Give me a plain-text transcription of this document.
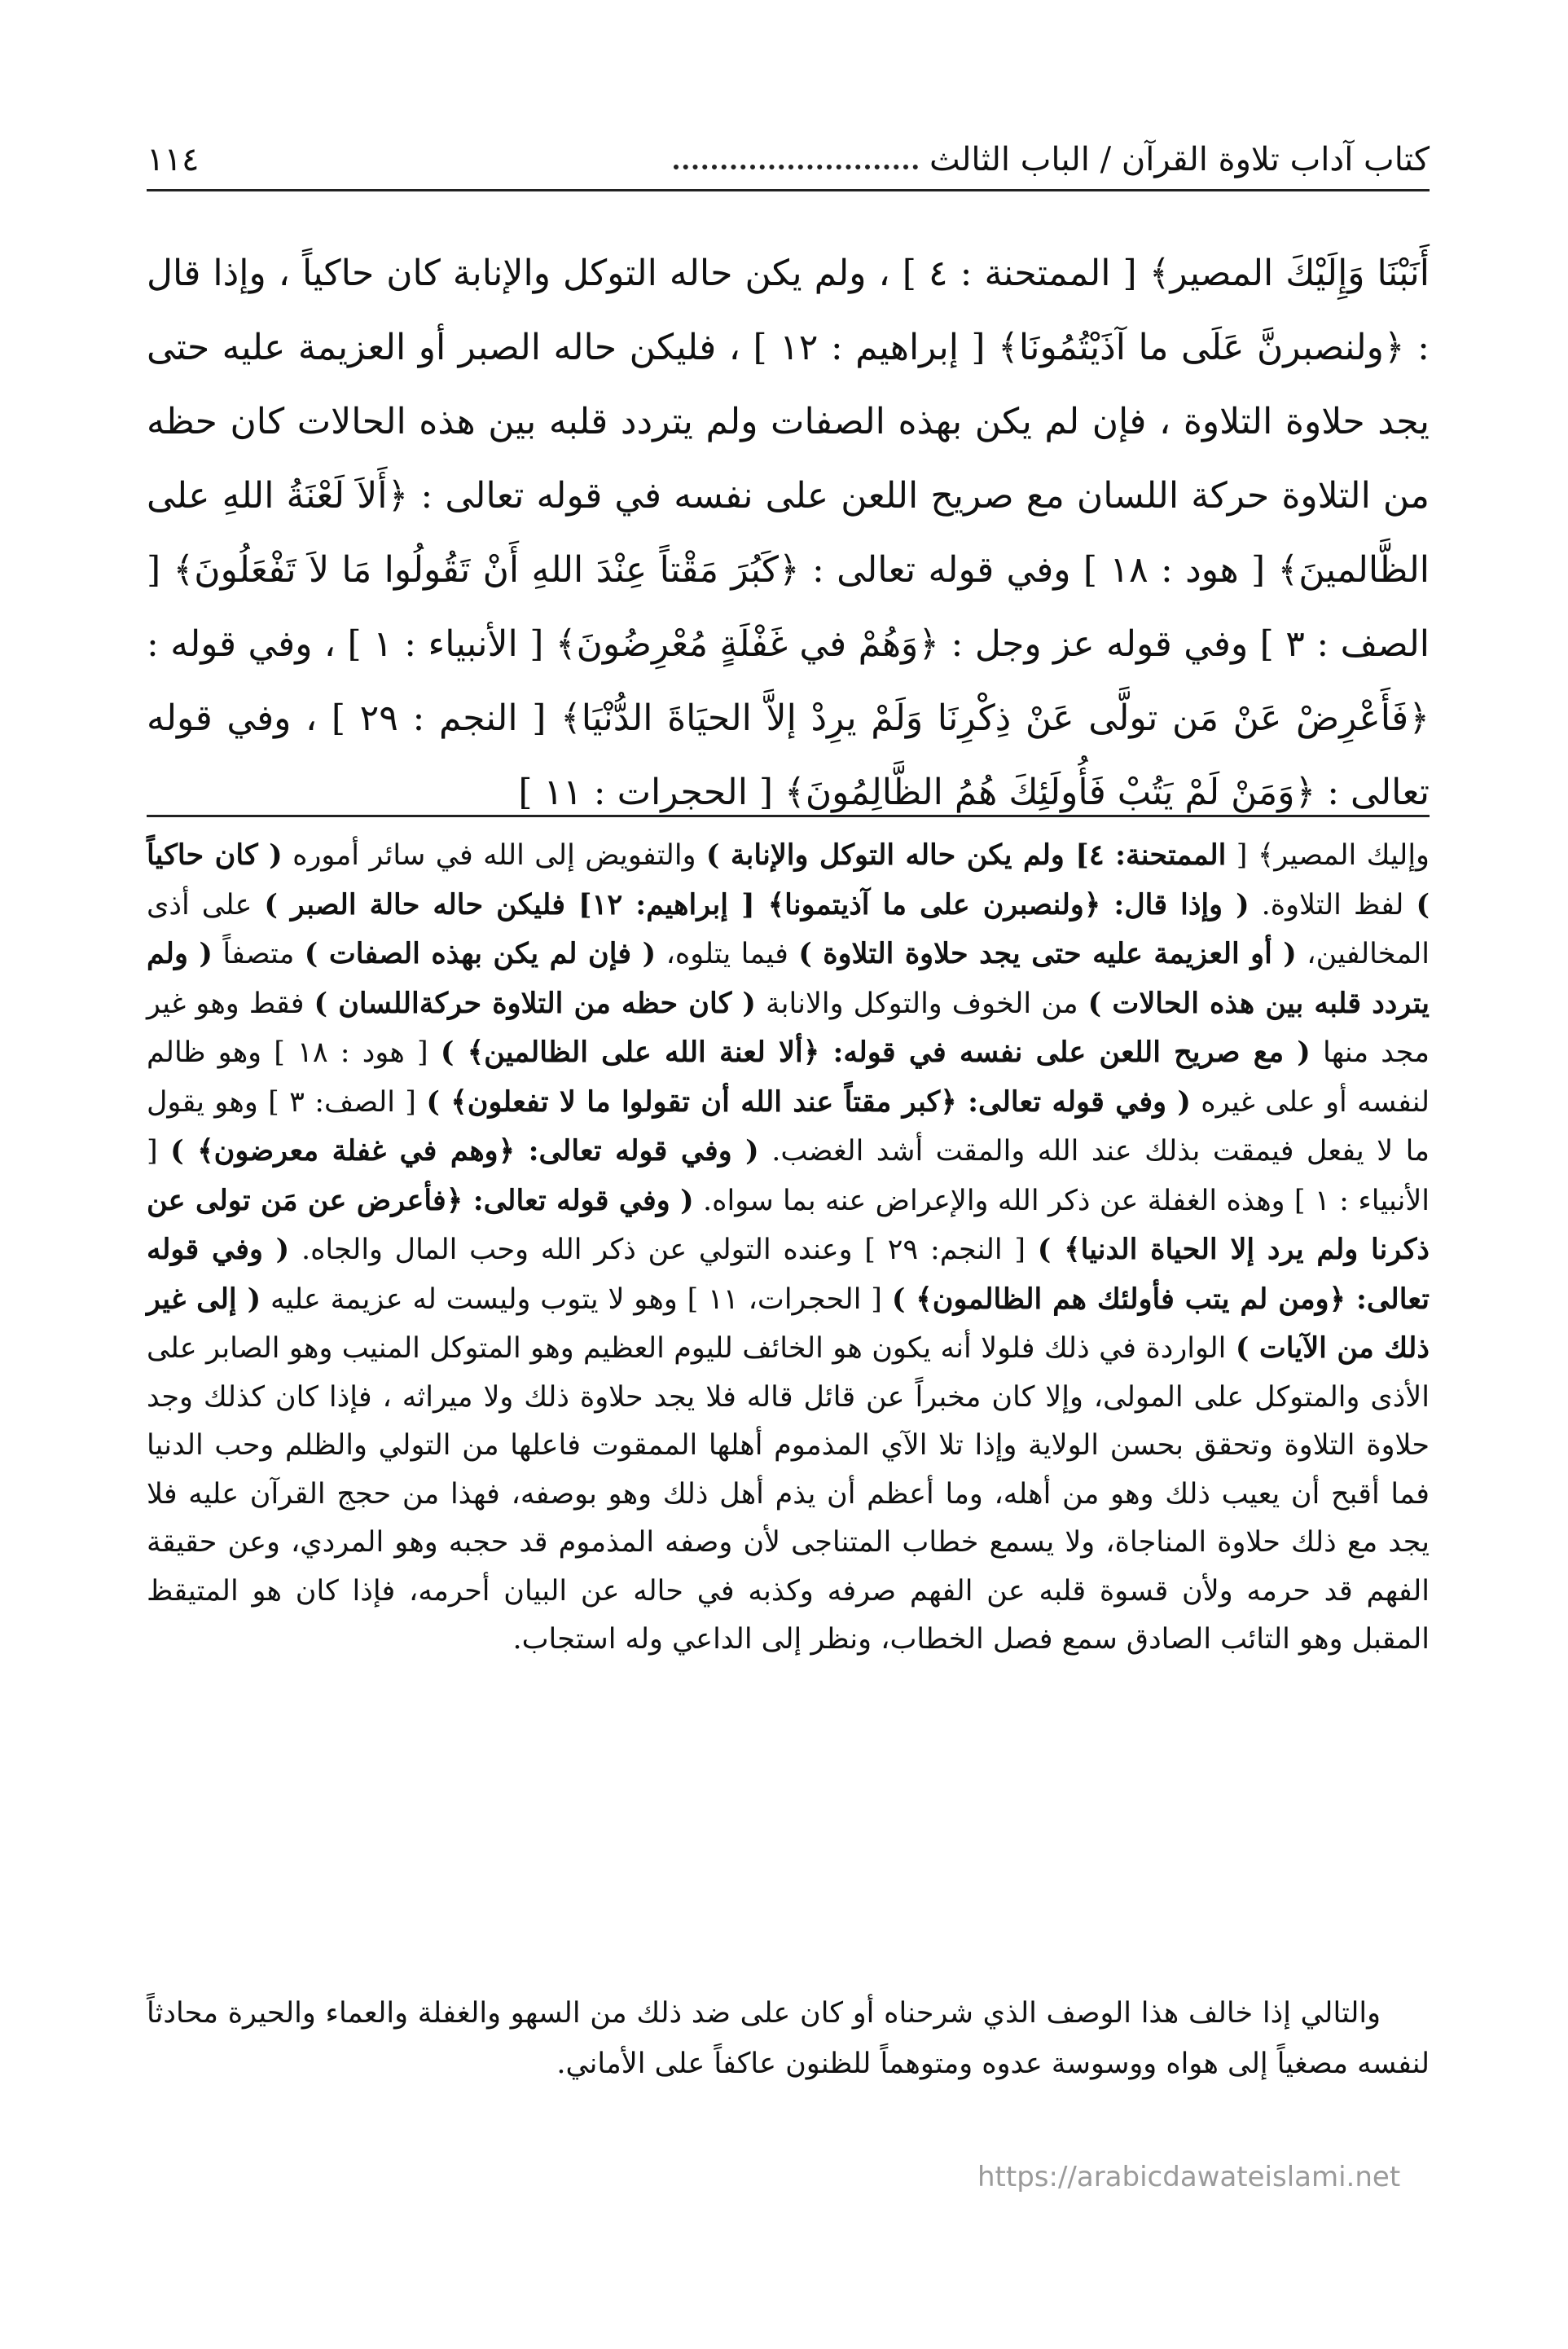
كتاب آداب تلاوة القرآن / الباب الثالث
١١٤

أَنَبْنَا وَإِلَيْكَ المصير﴾ [ الممتحنة : ٤ ] ، ولم يكن حاله التوكل والإنابة كان حاكياً ، وإذا قال : ﴿ولنصبرنَّ عَلَى ما آذَيْتُمُونَا﴾ [ إبراهيم : ١٢ ] ، فليكن حاله الصبر أو العزيمة عليه حتى يجد حلاوة التلاوة ، فإن لم يكن بهذه الصفات ولم يتردد قلبه بين هذه الحالات كان حظه من التلاوة حركة اللسان مع صريح اللعن على نفسه في قوله تعالى : ﴿أَلاَ لَعْنَةُ اللهِ على الظَّالمينَ﴾ [ هود : ١٨ ] وفي قوله تعالى : ﴿كَبُرَ مَقْتاً عِنْدَ اللهِ أَنْ تَقُولُوا مَا لاَ تَفْعَلُونَ﴾ [ الصف : ٣ ] وفي قوله عز وجل : ﴿وَهُمْ في غَفْلَةٍ مُعْرِضُونَ﴾ [ الأنبياء : ١ ] ، وفي قوله : ﴿فَأَعْرِضْ عَنْ مَن تولَّى عَنْ ذِكْرِنَا وَلَمْ يرِدْ إلاَّ الحيَاةَ الدُّنْيَا﴾ [ النجم : ٢٩ ] ، وفي قوله تعالى : ﴿وَمَنْ لَمْ يَتُبْ فَأُولَئِكَ هُمُ الظَّالِمُونَ﴾ [ الحجرات : ١١ ]

وإليك المصير﴾ [ الممتحنة: ٤] ولم يكن حاله التوكل والإنابة ) والتفويض إلى الله في سائر أموره ( كان حاكياً ) لفظ التلاوة. ( وإذا قال: ﴿ولنصبرن على ما آذيتمونا﴾ [ إبراهيم: ١٢] فليكن حاله حالة الصبر ) على أذى المخالفين، ( أو العزيمة عليه حتى يجد حلاوة التلاوة ) فيما يتلوه، ( فإن لم يكن بهذه الصفات ) متصفاً ( ولم يتردد قلبه بين هذه الحالات ) من الخوف والتوكل والانابة ( كان حظه من التلاوة حركةاللسان ) فقط وهو غير مجد منها ( مع صريح اللعن على نفسه في قوله: ﴿ألا لعنة الله على الظالمين﴾ ) [ هود : ١٨ ] وهو ظالم لنفسه أو على غيره ( وفي قوله تعالى: ﴿كبر مقتاً عند الله أن تقولوا ما لا تفعلون﴾ ) [ الصف: ٣ ] وهو يقول ما لا يفعل فيمقت بذلك عند الله والمقت أشد الغضب. ( وفي قوله تعالى: ﴿وهم في غفلة معرضون﴾ ) [ الأنبياء : ١ ] وهذه الغفلة عن ذكر الله والإعراض عنه بما سواه. ( وفي قوله تعالى: ﴿فأعرض عن مَن تولى عن ذكرنا ولم يرد إلا الحياة الدنيا﴾ ) [ النجم: ٢٩ ] وعنده التولي عن ذكر الله وحب المال والجاه. ( وفي قوله تعالى: ﴿ومن لم يتب فأولئك هم الظالمون﴾ ) [ الحجرات، ١١ ] وهو لا يتوب وليست له عزيمة عليه ( إلى غير ذلك من الآيات ) الواردة في ذلك فلولا أنه يكون هو الخائف لليوم العظيم وهو المتوكل المنيب وهو الصابر على الأذى والمتوكل على المولى، وإلا كان مخبراً عن قائل قاله فلا يجد حلاوة ذلك ولا ميراثه ، فإذا كان كذلك وجد حلاوة التلاوة وتحقق بحسن الولاية وإذا تلا الآي المذموم أهلها الممقوت فاعلها من التولي والظلم وحب الدنيا فما أقبح أن يعيب ذلك وهو من أهله، وما أعظم أن يذم أهل ذلك وهو بوصفه، فهذا من حجج القرآن عليه فلا يجد مع ذلك حلاوة المناجاة، ولا يسمع خطاب المتناجى لأن وصفه المذموم قد حجبه وهو المردي، وعن حقيقة الفهم قد حرمه ولأن قسوة قلبه عن الفهم صرفه وكذبه في حاله عن البيان أحرمه، فإذا كان هو المتيقظ المقبل وهو التائب الصادق سمع فصل الخطاب، ونظر إلى الداعي وله استجاب.

والتالي إذا خالف هذا الوصف الذي شرحناه أو كان على ضد ذلك من السهو والغفلة والعماء والحيرة محادثاً لنفسه مصغياً إلى هواه ووسوسة عدوه ومتوهماً للظنون عاكفاً على الأماني.

https://arabicdawateislami.net
